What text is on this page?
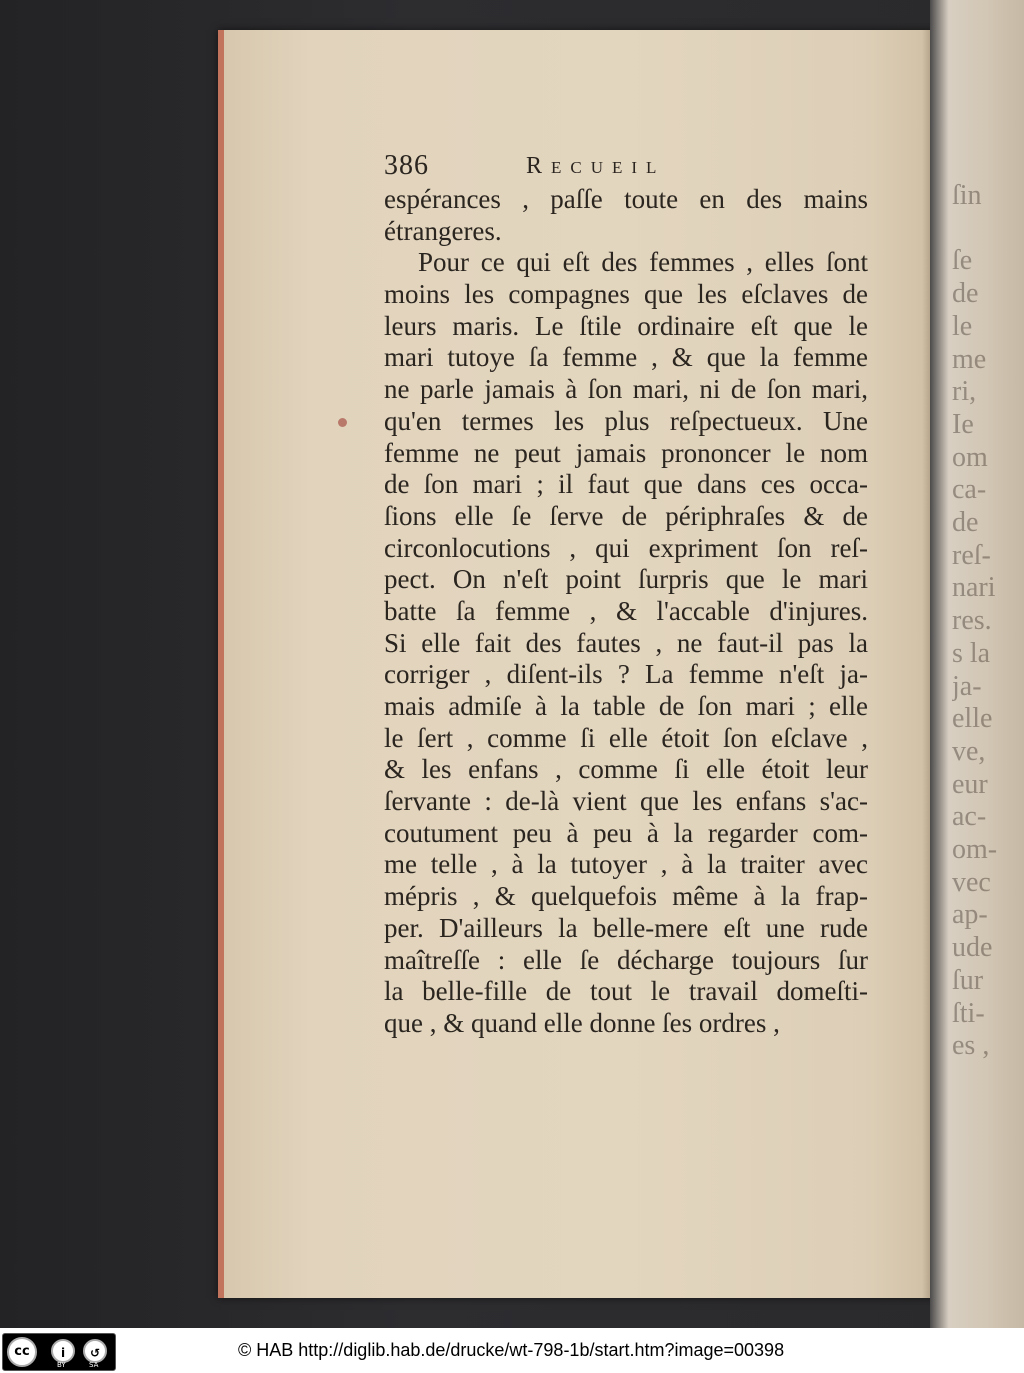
ſin

ſe
de
le
me
ri,
Ie
om
ca-
de
reſ-
nari
res.
s la
ja-
elle
ve,
eur
ac-
om-
vec
ap-
ude
ſur
ſti-
es ,
386	Recueil
espérances , paſſe toute en des mains
étrangeres.
Pour ce qui eſt des femmes , elles ſont
moins les compagnes que les eſclaves de
leurs maris. Le ſtile ordinaire eſt que le
mari tutoye ſa femme , & que la femme
ne parle jamais à ſon mari, ni de ſon mari,
qu'en termes les plus reſpectueux. Une
femme ne peut jamais prononcer le nom
de ſon mari ; il faut que dans ces occa-
ſions elle ſe ſerve de périphraſes & de
circonlocutions , qui expriment ſon reſ-
pect. On n'eſt point ſurpris que le mari
batte ſa femme , & l'accable d'injures.
Si elle fait des fautes , ne faut-il pas la
corriger , diſent-ils ? La femme n'eſt ja-
mais admiſe à la table de ſon mari ; elle
le ſert , comme ſi elle étoit ſon eſclave ,
& les enfans , comme ſi elle étoit leur
ſervante : de-là vient que les enfans s'ac-
coutument peu à peu à la regarder com-
me telle , à la tutoyer , à la traiter avec
mépris , & quelquefois même à la frap-
per. D'ailleurs la belle-mere eſt une rude
maîtreſſe : elle ſe décharge toujours ſur
la belle-fille de tout le travail domeſti-
que , & quand elle donne ſes ordres ,
cc	i	↺
BY	SA
© HAB http://diglib.hab.de/drucke/wt-798-1b/start.htm?image=00398
